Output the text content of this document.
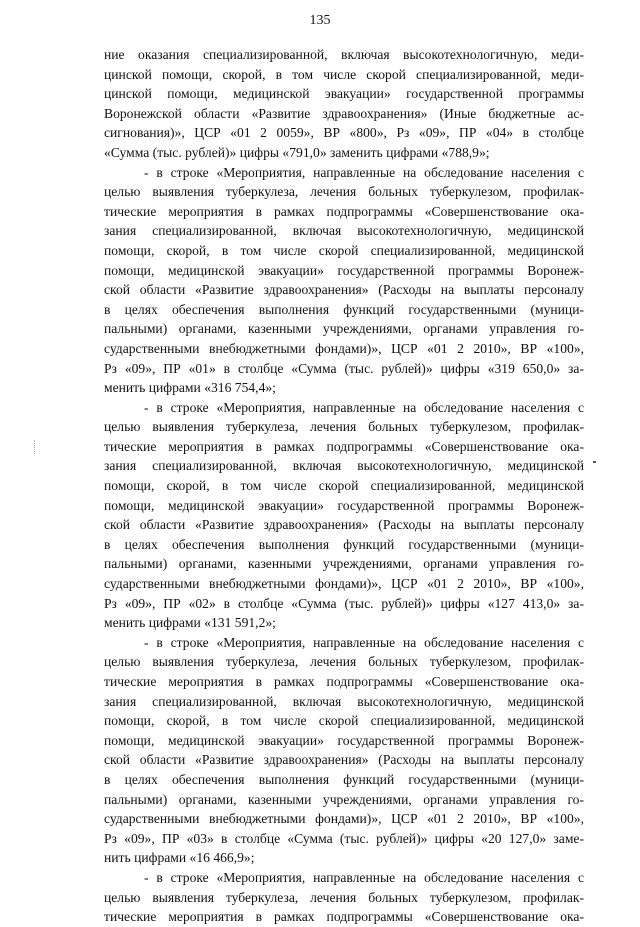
135
ние оказания специализированной, включая высокотехнологичную, меди-
цинской помощи, скорой, в том числе скорой специализированной, меди-
цинской помощи, медицинской эвакуации» государственной программы
Воронежской области «Развитие здравоохранения» (Иные бюджетные ас-
сигнования)», ЦСР «01 2 0059», ВР «800», Рз «09», ПР «04» в столбце
«Сумма (тыс. рублей)» цифры «791,0» заменить цифрами «788,9»;
- в строке «Мероприятия, направленные на обследование населения с
целью выявления туберкулеза, лечения больных туберкулезом, профилак-
тические мероприятия в рамках подпрограммы «Совершенствование ока-
зания специализированной, включая высокотехнологичную, медицинской
помощи, скорой, в том числе скорой специализированной, медицинской
помощи, медицинской эвакуации» государственной программы Воронеж-
ской области «Развитие здравоохранения» (Расходы на выплаты персоналу
в целях обеспечения выполнения функций государственными (муници-
пальными) органами, казенными учреждениями, органами управления го-
сударственными внебюджетными фондами)», ЦСР «01 2 2010», ВР «100»,
Рз «09», ПР «01» в столбце «Сумма (тыс. рублей)» цифры «319 650,0» за-
менить цифрами «316 754,4»;
- в строке «Мероприятия, направленные на обследование населения с
целью выявления туберкулеза, лечения больных туберкулезом, профилак-
тические мероприятия в рамках подпрограммы «Совершенствование ока-
зания специализированной, включая высокотехнологичную, медицинской
помощи, скорой, в том числе скорой специализированной, медицинской
помощи, медицинской эвакуации» государственной программы Воронеж-
ской области «Развитие здравоохранения» (Расходы на выплаты персоналу
в целях обеспечения выполнения функций государственными (муници-
пальными) органами, казенными учреждениями, органами управления го-
сударственными внебюджетными фондами)», ЦСР «01 2 2010», ВР «100»,
Рз «09», ПР «02» в столбце «Сумма (тыс. рублей)» цифры «127 413,0» за-
менить цифрами «131 591,2»;
- в строке «Мероприятия, направленные на обследование населения с
целью выявления туберкулеза, лечения больных туберкулезом, профилак-
тические мероприятия в рамках подпрограммы «Совершенствование ока-
зания специализированной, включая высокотехнологичную, медицинской
помощи, скорой, в том числе скорой специализированной, медицинской
помощи, медицинской эвакуации» государственной программы Воронеж-
ской области «Развитие здравоохранения» (Расходы на выплаты персоналу
в целях обеспечения выполнения функций государственными (муници-
пальными) органами, казенными учреждениями, органами управления го-
сударственными внебюджетными фондами)», ЦСР «01 2 2010», ВР «100»,
Рз «09», ПР «03» в столбце «Сумма (тыс. рублей)» цифры «20 127,0» заме-
нить цифрами «16 466,9»;
- в строке «Мероприятия, направленные на обследование населения с
целью выявления туберкулеза, лечения больных туберкулезом, профилак-
тические мероприятия в рамках подпрограммы «Совершенствование ока-
